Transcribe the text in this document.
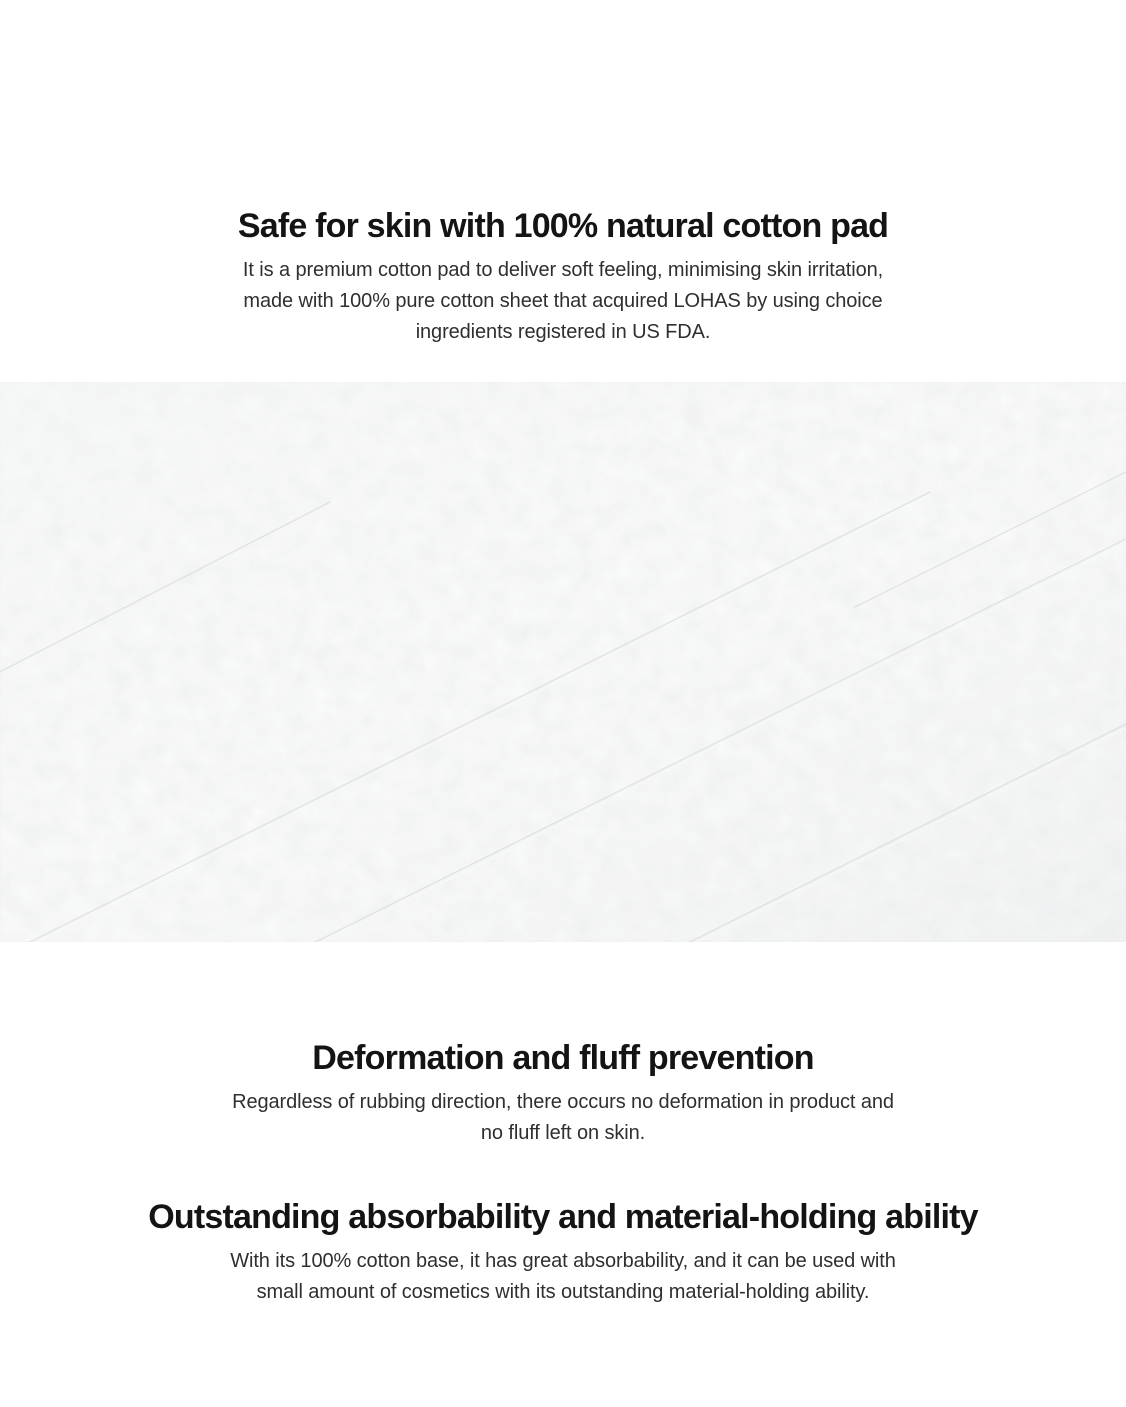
Safe for skin with 100% natural cotton pad

It is a premium cotton pad to deliver soft feeling, minimising skin irritation,
made with 100% pure cotton sheet that acquired LOHAS by using choice
ingredients registered in US FDA.

Deformation and fluff prevention

Regardless of rubbing direction, there occurs no deformation in product and
no fluff left on skin.

Outstanding absorbability and material-holding ability

With its 100% cotton base, it has great absorbability, and it can be used with
small amount of cosmetics with its outstanding material-holding ability.
